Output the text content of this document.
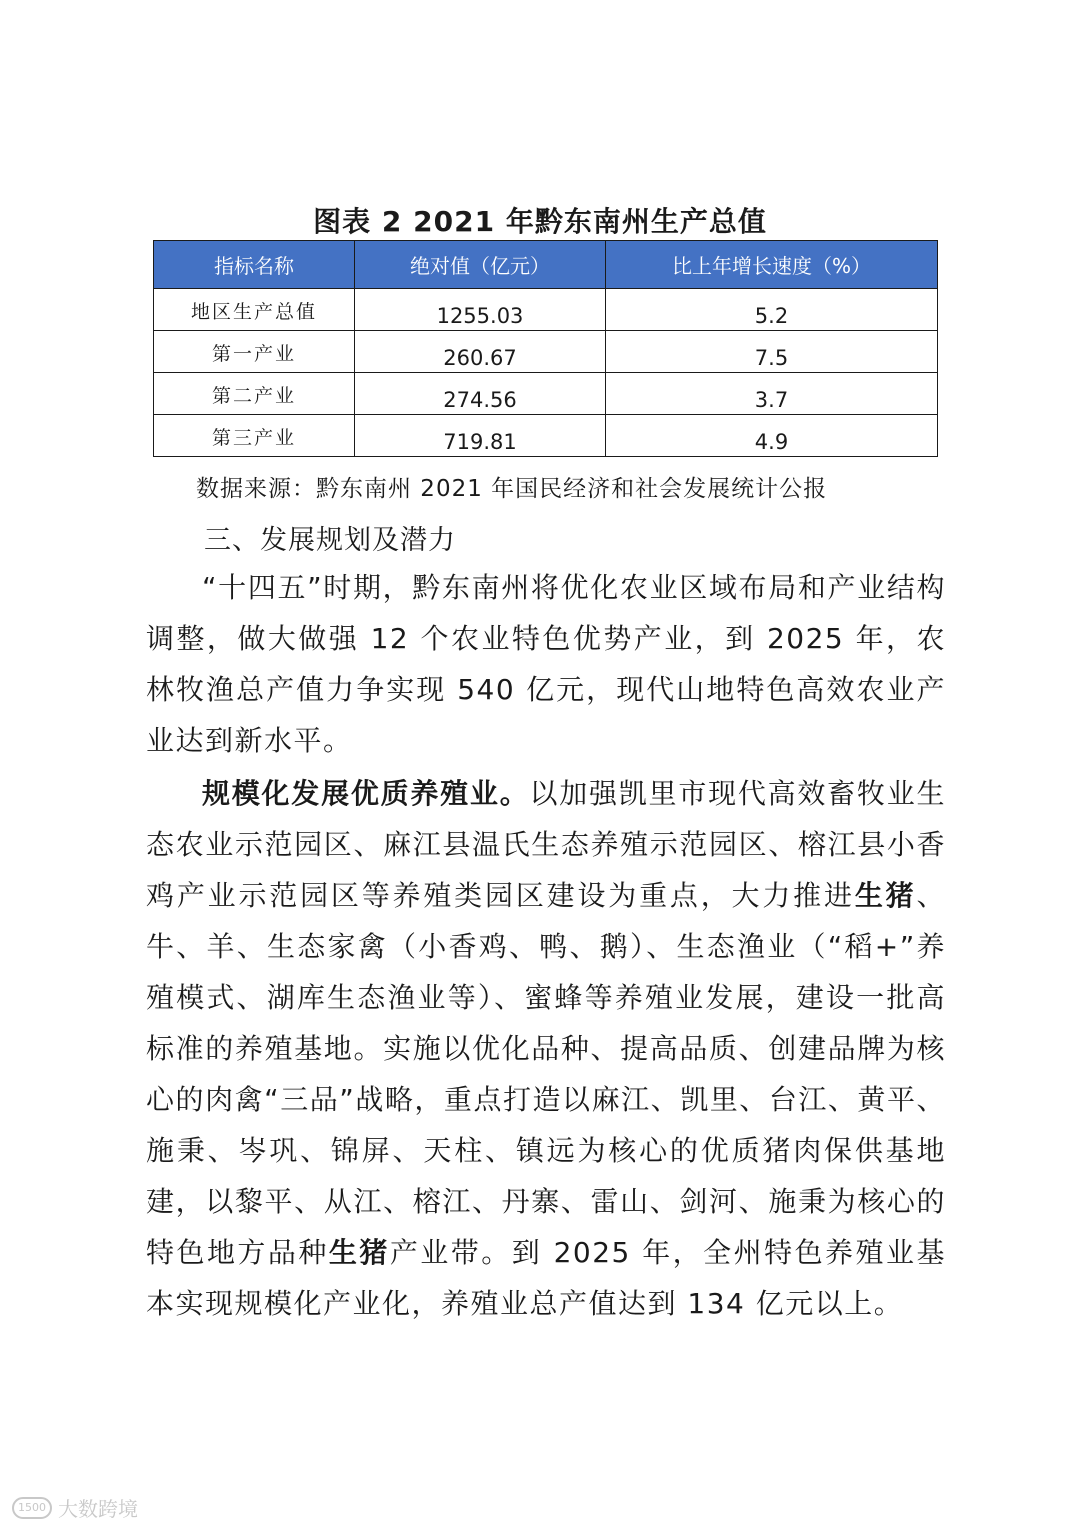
图表 2 2021 年黔东南州生产总值
指标名称	绝对值（亿元）	比上年增长速度（%）
地区生产总值	1255.03	5.2
第一产业	260.67	7.5
第二产业	274.56	3.7
第三产业	719.81	4.9
数据来源：黔东南州 2021 年国民经济和社会发展统计公报
三、发展规划及潜力

“十四五”时期，黔东南州将优化农业区域布局和产业结构调整，做大做强 12 个农业特色优势产业，到 2025 年，农林牧渔总产值力争实现 540 亿元，现代山地特色高效农业产业达到新水平。

规模化发展优质养殖业。以加强凯里市现代高效畜牧业生态农业示范园区、麻江县温氏生态养殖示范园区、榕江县小香鸡产业示范园区等养殖类园区建设为重点，大力推进生猪、牛、羊、生态家禽（小香鸡、鸭、鹅）、生态渔业（“稻+”养殖模式、湖库生态渔业等）、蜜蜂等养殖业发展，建设一批高标准的养殖基地。实施以优化品种、提高品质、创建品牌为核心的肉禽“三品”战略，重点打造以麻江、凯里、台江、黄平、施秉、岑巩、锦屏、天柱、镇远为核心的优质猪肉保供基地建，以黎平、从江、榕江、丹寨、雷山、剑河、施秉为核心的特色地方品种生猪产业带。到 2025 年，全州特色养殖业基本实现规模化产业化，养殖业总产值达到 134 亿元以上。

1500 大数跨境
